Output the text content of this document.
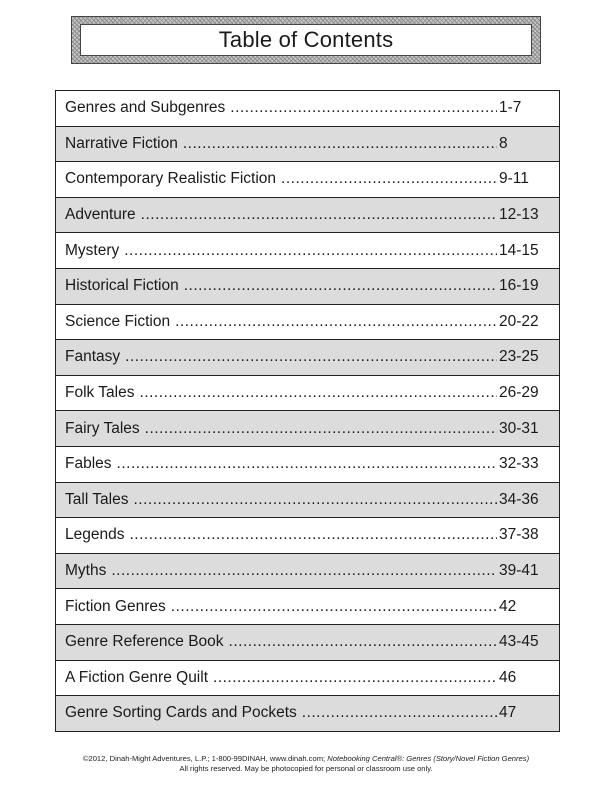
Table of Contents
Genres and Subgenres .....	1-7
Narrative Fiction .....	8
Contemporary Realistic Fiction .....	9-11
Adventure .....	12-13
Mystery .....	14-15
Historical Fiction .....	16-19
Science Fiction .....	20-22
Fantasy .....	23-25
Folk Tales .....	26-29
Fairy Tales .....	30-31
Fables .....	32-33
Tall Tales .....	34-36
Legends .....	37-38
Myths .....	39-41
Fiction Genres .....	42
Genre Reference Book .....	43-45
A Fiction Genre Quilt .....	46
Genre Sorting Cards and Pockets .....	47
©2012, Dinah-Might Adventures, L.P.; 1-800-99DINAH, www.dinah.com; Notebooking Central®: Genres (Story/Novel Fiction Genres)
All rights reserved. May be photocopied for personal or classroom use only.
